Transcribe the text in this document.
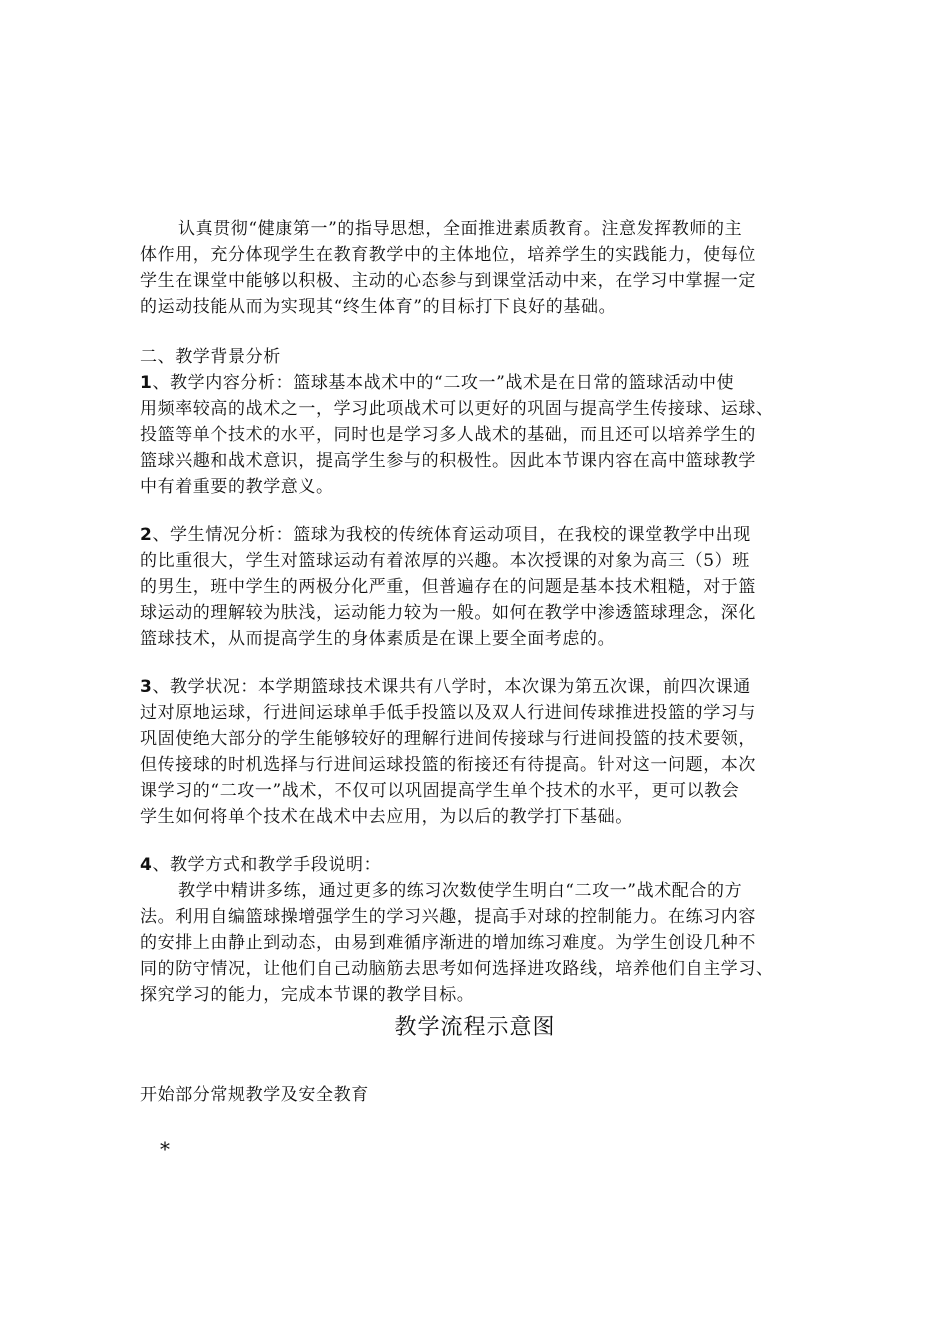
认真贯彻“健康第一”的指导思想，全面推进素质教育。注意发挥教师的主
体作用，充分体现学生在教育教学中的主体地位，培养学生的实践能力，使每位
学生在课堂中能够以积极、主动的心态参与到课堂活动中来，在学习中掌握一定
的运动技能从而为实现其“终生体育”的目标打下良好的基础。
二、教学背景分析
1、教学内容分析：篮球基本战术中的“二攻一”战术是在日常的篮球活动中使
用频率较高的战术之一，学习此项战术可以更好的巩固与提高学生传接球、运球、
投篮等单个技术的水平，同时也是学习多人战术的基础，而且还可以培养学生的
篮球兴趣和战术意识，提高学生参与的积极性。因此本节课内容在高中篮球教学
中有着重要的教学意义。
2、学生情况分析：篮球为我校的传统体育运动项目，在我校的课堂教学中出现
的比重很大，学生对篮球运动有着浓厚的兴趣。本次授课的对象为高三（5）班
的男生，班中学生的两极分化严重，但普遍存在的问题是基本技术粗糙，对于篮
球运动的理解较为肤浅，运动能力较为一般。如何在教学中渗透篮球理念，深化
篮球技术，从而提高学生的身体素质是在课上要全面考虑的。
3、教学状况：本学期篮球技术课共有八学时，本次课为第五次课，前四次课通
过对原地运球，行进间运球单手低手投篮以及双人行进间传球推进投篮的学习与
巩固使绝大部分的学生能够较好的理解行进间传接球与行进间投篮的技术要领，
但传接球的时机选择与行进间运球投篮的衔接还有待提高。针对这一问题，本次
课学习的“二攻一”战术，不仅可以巩固提高学生单个技术的水平，更可以教会
学生如何将单个技术在战术中去应用，为以后的教学打下基础。
4、教学方式和教学手段说明：
教学中精讲多练，通过更多的练习次数使学生明白“二攻一”战术配合的方
法。利用自编篮球操增强学生的学习兴趣，提高手对球的控制能力。在练习内容
的安排上由静止到动态，由易到难循序渐进的增加练习难度。为学生创设几种不
同的防守情况，让他们自己动脑筋去思考如何选择进攻路线，培养他们自主学习、
探究学习的能力，完成本节课的教学目标。
教学流程示意图
开始部分常规教学及安全教育
*
